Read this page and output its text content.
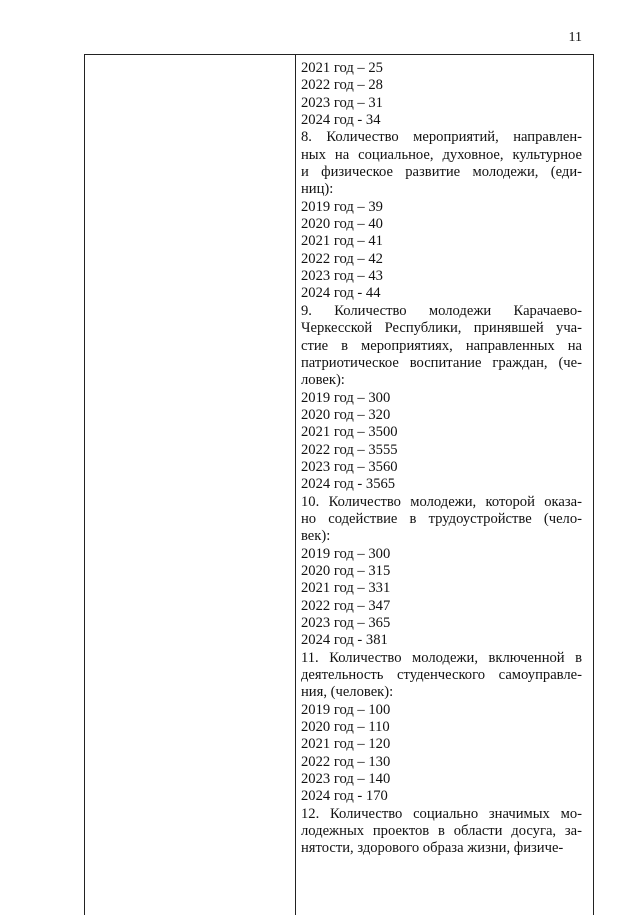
11
2021 год – 25
2022 год – 28
2023 год – 31
2024 год - 34
8. Количество мероприятий, направлен-
ных на социальное, духовное, культурное
и физическое развитие молодежи, (еди-
ниц):
2019 год – 39
2020 год – 40
2021 год – 41
2022 год – 42
2023 год – 43
2024 год - 44
9. Количество молодежи Карачаево-
Черкесской Республики, принявшей уча-
стие в мероприятиях, направленных на
патриотическое воспитание граждан, (че-
ловек):
2019 год – 300
2020 год – 320
2021 год – 3500
2022 год – 3555
2023 год – 3560
2024 год - 3565
10. Количество молодежи, которой оказа-
но содействие в трудоустройстве (чело-
век):
2019 год – 300
2020 год – 315
2021 год – 331
2022 год – 347
2023 год – 365
2024 год - 381
11. Количество молодежи, включенной в
деятельность студенческого самоуправле-
ния, (человек):
2019 год – 100
2020 год – 110
2021 год – 120
2022 год – 130
2023 год – 140
2024 год - 170
12. Количество социально значимых мо-
лодежных проектов в области досуга, за-
нятости, здорового образа жизни, физиче-
